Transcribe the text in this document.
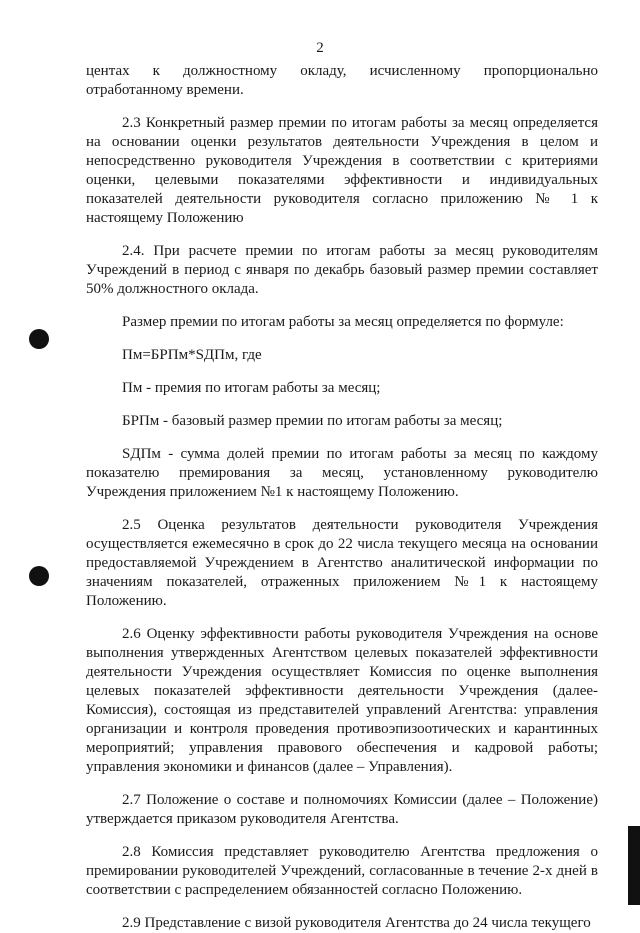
2

центах к должностному окладу, исчисленному пропорционально отработанному времени.

2.3 Конкретный размер премии по итогам работы за месяц определяется на основании оценки результатов деятельности Учреждения в целом и непосредственно руководителя Учреждения в соответствии с критериями оценки, целевыми показателями эффективности и индивидуальных показателей деятельности руководителя согласно приложению № 1 к настоящему Положению

2.4. При расчете премии по итогам работы за месяц руководителям Учреждений в период с января по декабрь базовый размер премии составляет 50% должностного оклада.

Размер премии по итогам работы за месяц определяется по формуле:

Пм=БРПм*SДПм, где

Пм - премия по итогам работы за месяц;

БРПм - базовый размер премии по итогам работы за месяц;

SДПм - сумма долей премии по итогам работы за месяц по каждому показателю премирования за месяц, установленному руководителю Учреждения приложением №1 к настоящему Положению.

2.5 Оценка результатов деятельности руководителя Учреждения осуществляется ежемесячно в срок до 22 числа текущего месяца на основании предоставляемой Учреждением в Агентство аналитической информации по значениям показателей, отраженных приложением №1 к настоящему Положению.

2.6 Оценку эффективности работы руководителя Учреждения на основе выполнения утвержденных Агентством целевых показателей эффективности деятельности Учреждения осуществляет Комиссия по оценке выполнения целевых показателей эффективности деятельности Учреждения (далее- Комиссия), состоящая из представителей управлений Агентства: управления организации и контроля проведения противоэпизоотических и карантинных мероприятий; управления правового обеспечения и кадровой работы; управления экономики и финансов (далее – Управления).

2.7 Положение о составе и полномочиях Комиссии (далее – Положение) утверждается приказом руководителя Агентства.

2.8 Комиссия представляет руководителю Агентства предложения о премировании руководителей Учреждений, согласованные в течение 2-х дней в соответствии с распределением обязанностей согласно Положению.

2.9 Представление с визой руководителя Агентства до 24 числа текущего
